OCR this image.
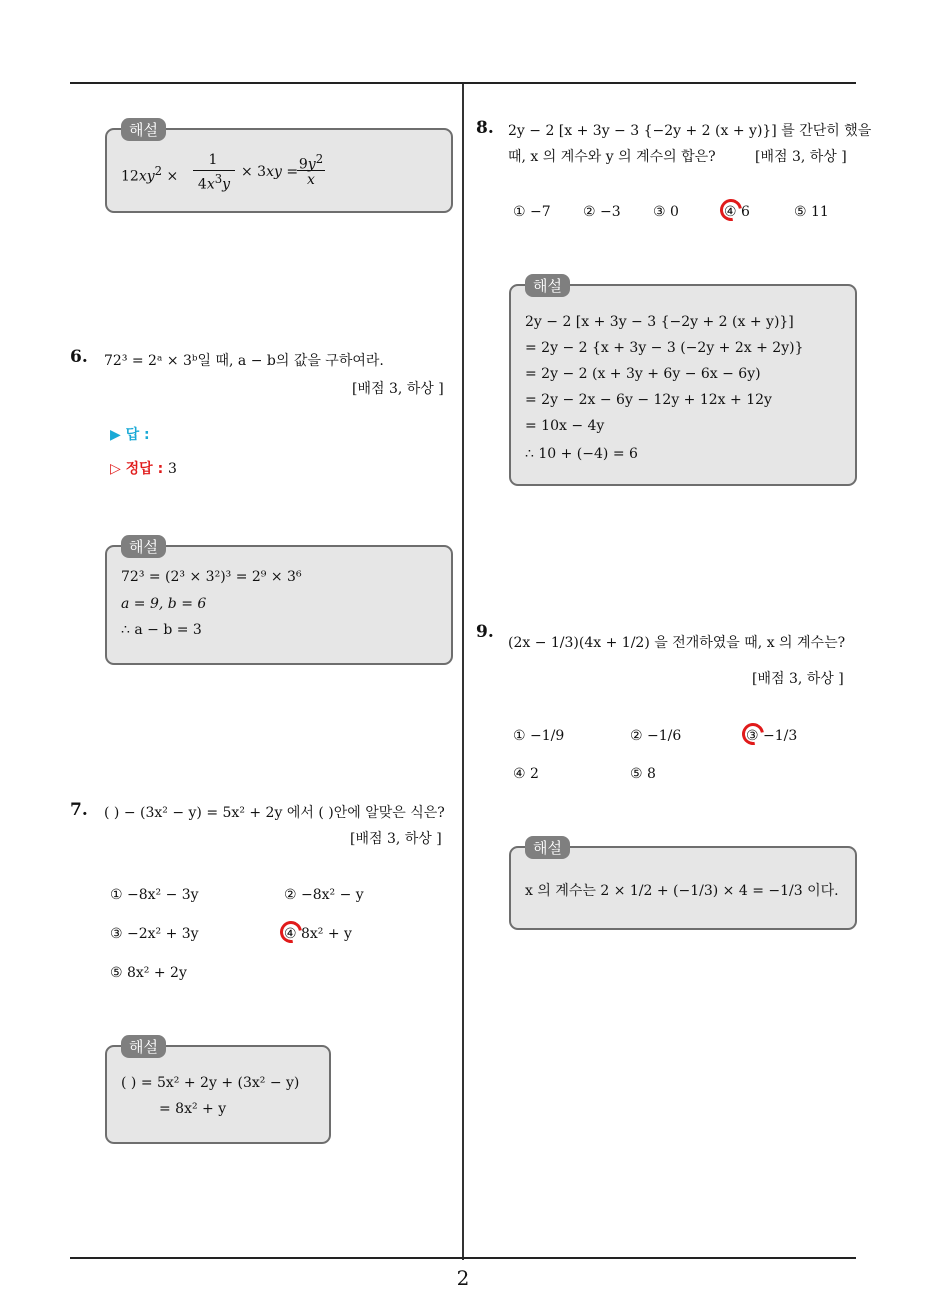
2
해설
$12xy^2$ ×
1
$4x^3y$
× $3xy = 9y^2$
x
6. 72³ = 2ᵃ × 3ᵇ일 때, a − b의 값을 구하여라.
[배점 3, 하상 ]
▶ 답 :
▷ 정답 : 3
해설
72³ = (2³ × 3²)³ = 2⁹ × 3⁶
a = 9, b = 6
∴ a − b = 3
7. ( ) − (3x² − y) = 5x² + 2y 에서 ( )안에 알맞은 식은?
[배점 3, 하상 ]
① −8x² − 3y	② −8x² − y
③ −2x² + 3y	④ 8x² + y
⑤ 8x² + 2y
해설
( ) = 5x² + 2y + (3x² − y)
= 8x² + y
8. 2y − 2 [x + 3y − 3 {−2y + 2 (x + y)}] 를 간단히 했을
때, x 의 계수와 y 의 계수의 합은?	[배점 3, 하상 ]
① −7 ② −3 ③ 0	④ 6	⑤ 11
해설
2y − 2 [x + 3y − 3 {−2y + 2 (x + y)}]
= 2y − 2 {x + 3y − 3 (−2y + 2x + 2y)}
= 2y − 2 (x + 3y + 6y − 6x − 6y)
= 2y − 2x − 6y − 12y + 12x + 12y
= 10x − 4y
∴ 10 + (−4) = 6
9.
(2x − 1/3)(4x + 1/2) 을 전개하였을 때, x 의 계수는?
[배점 3, 하상 ]
① −1/9	② −1/6	③ −1/3
④ 2	⑤ 8
해설
x 의 계수는 2 × 1/2 + (−1/3) × 4 = −1/3 이다.
